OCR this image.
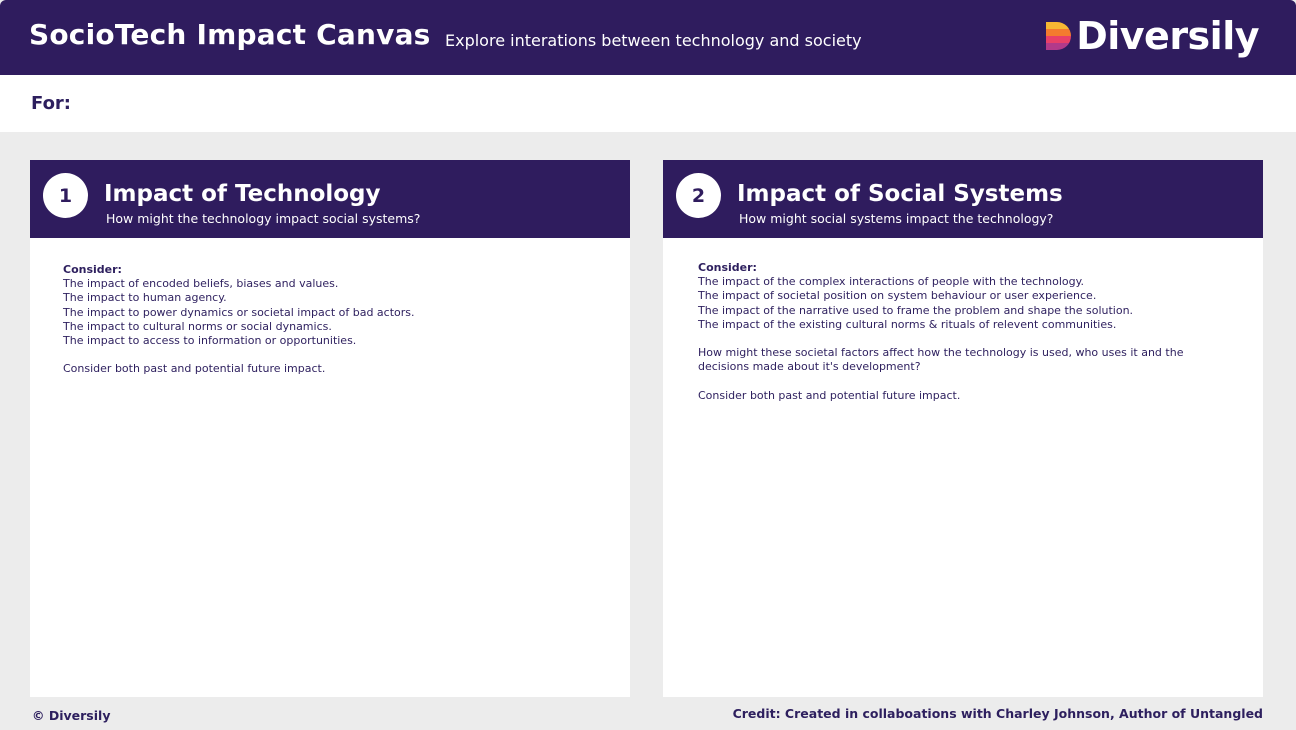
SocioTech Impact Canvas Explore interations between technology and society	Diversily
For:
1	Impact of Technology
How might the technology impact social systems?
Consider:
The impact of encoded beliefs, biases and values.
The impact to human agency.
The impact to power dynamics or societal impact of bad actors.
The impact to cultural norms or social dynamics.
The impact to access to information or opportunities.
Consider both past and potential future impact.
2	Impact of Social Systems
How might social systems impact the technology?
Consider:
The impact of the complex interactions of people with the technology.
The impact of societal position on system behaviour or user experience.
The impact of the narrative used to frame the problem and shape the solution.
The impact of the existing cultural norms & rituals of relevent communities.
How might these societal factors affect how the technology is used, who uses it and the
decisions made about it's development?
Consider both past and potential future impact.
© Diversily	Credit: Created in collaboations with Charley Johnson, Author of Untangled
